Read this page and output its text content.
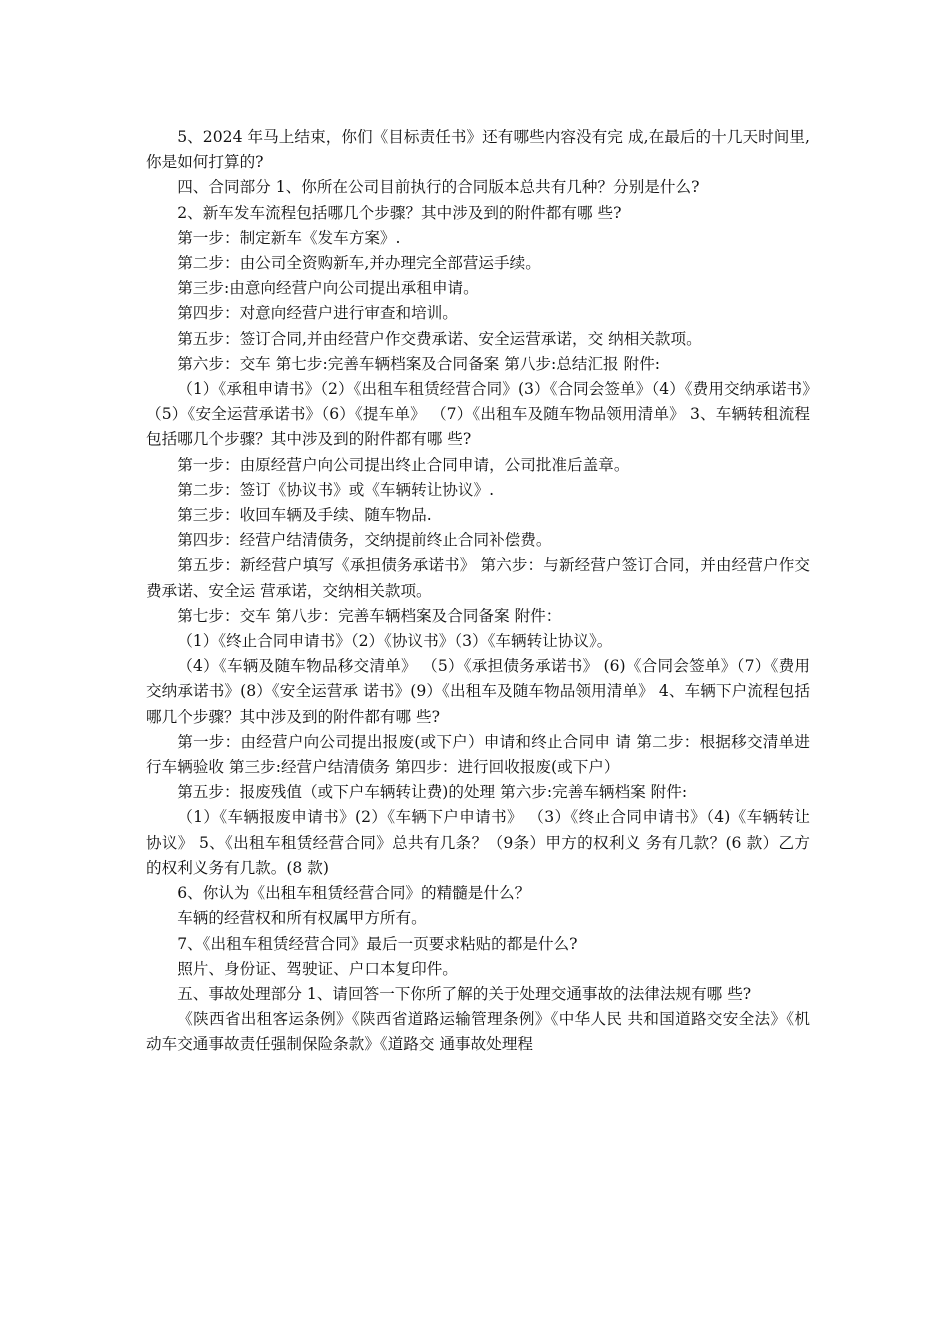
5、2024 年马上结束，你们《目标责任书》还有哪些内容没有完 成,在最后的十几天时间里,你是如何打算的?

四、合同部分 1、你所在公司目前执行的合同版本总共有几种？分别是什么?

2、新车发车流程包括哪几个步骤？其中涉及到的附件都有哪 些?

第一步：制定新车《发车方案》.

第二步：由公司全资购新车,并办理完全部营运手续。

第三步:由意向经营户向公司提出承租申请。

第四步：对意向经营户进行审查和培训。

第五步：签订合同,并由经营户作交费承诺、安全运营承诺，交 纳相关款项。

第六步：交车 第七步:完善车辆档案及合同备案 第八步:总结汇报 附件:

（1）《承租申请书》（2）《出租车租赁经营合同》(3）《合同会签单》（4）《费用交纳承诺书》（5）《安全运营承诺书》（6）《提车单》 （7）《出租车及随车物品领用清单》 3、车辆转租流程包括哪几个步骤？其中涉及到的附件都有哪 些?

第一步：由原经营户向公司提出终止合同申请，公司批准后盖章。

第二步：签订《协议书》或《车辆转让协议》.

第三步：收回车辆及手续、随车物品.

第四步：经营户结清债务，交纳提前终止合同补偿费。

第五步：新经营户填写《承担债务承诺书》 第六步：与新经营户签订合同，并由经营户作交费承诺、安全运 营承诺，交纳相关款项。

第七步：交车 第八步：完善车辆档案及合同备案 附件：

（1）《终止合同申请书》（2）《协议书》（3）《车辆转让协议》。

（4）《车辆及随车物品移交清单》 （5）《承担债务承诺书》 (6)《合同会签单》（7）《费用交纳承诺书》(8）《安全运营承 诺书》(9）《出租车及随车物品领用清单》 4、车辆下户流程包括哪几个步骤？其中涉及到的附件都有哪 些?

第一步：由经营户向公司提出报废(或下户）申请和终止合同申 请 第二步：根据移交清单进行车辆验收 第三步:经营户结清债务 第四步：进行回收报废(或下户）

第五步：报废残值（或下户车辆转让费)的处理 第六步:完善车辆档案 附件:

（1）《车辆报废申请书》(2）《车辆下户申请书》 （3）《终止合同申请书》（4)《车辆转让协议》 5、《出租车租赁经营合同》总共有几条？（9条）甲方的权利义 务有几款？(6 款）乙方的权利义务有几款。(8 款)

6、你认为《出租车租赁经营合同》的精髓是什么？

车辆的经营权和所有权属甲方所有。

7、《出租车租赁经营合同》最后一页要求粘贴的都是什么?

照片、身份证、驾驶证、户口本复印件。

五、事故处理部分 1、请回答一下你所了解的关于处理交通事故的法律法规有哪 些?

《陕西省出租客运条例》《陕西省道路运输管理条例》《中华人民 共和国道路交安全法》《机动车交通事故责任强制保险条款》《道路交 通事故处理程
